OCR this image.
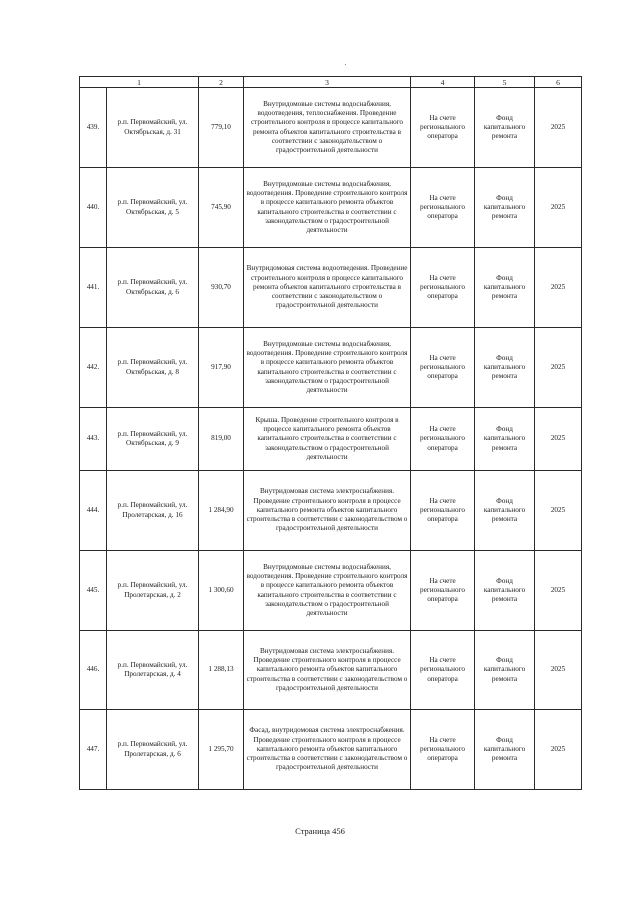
1		2	3	4	5	6
439.	р.п. Первомайский, ул. Октябрьская, д. 31	779,10	Внутридомовые системы водоснабжения, водоотведения, теплоснабжения. Проведение строительного контроля в процессе капитального ремонта объектов капитального строительства в соответствии с законодательством о градостроительной деятельности	На счете регионального оператора	Фонд капитального ремонта	2025
440.	р.п. Первомайский, ул. Октябрьская, д. 5	745,90	Внутридомовые системы водоснабжения, водоотведения. Проведение строительного контроля в процессе капитального ремонта объектов капитального строительства в соответствии с законодательством о градостроительной деятельности	На счете регионального оператора	Фонд капитального ремонта	2025
441.	р.п. Первомайский, ул. Октябрьская, д. 6	930,70	Внутридомовая система водоотведения. Проведение строительного контроля в процессе капитального ремонта объектов капитального строительства в соответствии с законодательством о градостроительной деятельности	На счете регионального оператора	Фонд капитального ремонта	2025
442.	р.п. Первомайский, ул. Октябрьская, д. 8	917,90	Внутридомовые системы водоснабжения, водоотведения. Проведение строительного контроля в процессе капитального ремонта объектов капитального строительства в соответствии с законодательством о градостроительной деятельности	На счете регионального оператора	Фонд капитального ремонта	2025
443.	р.п. Первомайский, ул. Октябрьская, д. 9	819,00	Крыша. Проведение строительного контроля в процессе капитального ремонта объектов капитального строительства в соответствии с законодательством о градостроительной деятельности	На счете регионального оператора	Фонд капитального ремонта	2025
444.	р.п. Первомайский, ул. Пролетарская, д. 16	1 284,90	Внутридомовая система электроснабжения. Проведение строительного контроля в процессе капитального ремонта объектов капитального строительства в соответствии с законодательством о градостроительной деятельности	На счете регионального оператора	Фонд капитального ремонта	2025
445.	р.п. Первомайский, ул. Пролетарская, д. 2	1 300,60	Внутридомовые системы водоснабжения, водоотведения. Проведение строительного контроля в процессе капитального ремонта объектов капитального строительства в соответствии с законодательством о градостроительной деятельности	На счете регионального оператора	Фонд капитального ремонта	2025
446.	р.п. Первомайский, ул. Пролетарская, д. 4	1 288,13	Внутридомовая система электроснабжения. Проведение строительного контроля в процессе капитального ремонта объектов капитального строительства в соответствии с законодательством о градостроительной деятельности	На счете регионального оператора	Фонд капитального ремонта	2025
447.	р.п. Первомайский, ул. Пролетарская, д. 6	1 295,70	Фасад, внутридомовая система электроснабжения. Проведение строительного контроля в процессе капитального ремонта объектов капитального строительства в соответствии с законодательством о градостроительной деятельности	На счете регионального оператора	Фонд капитального ремонта	2025
Страница 456
